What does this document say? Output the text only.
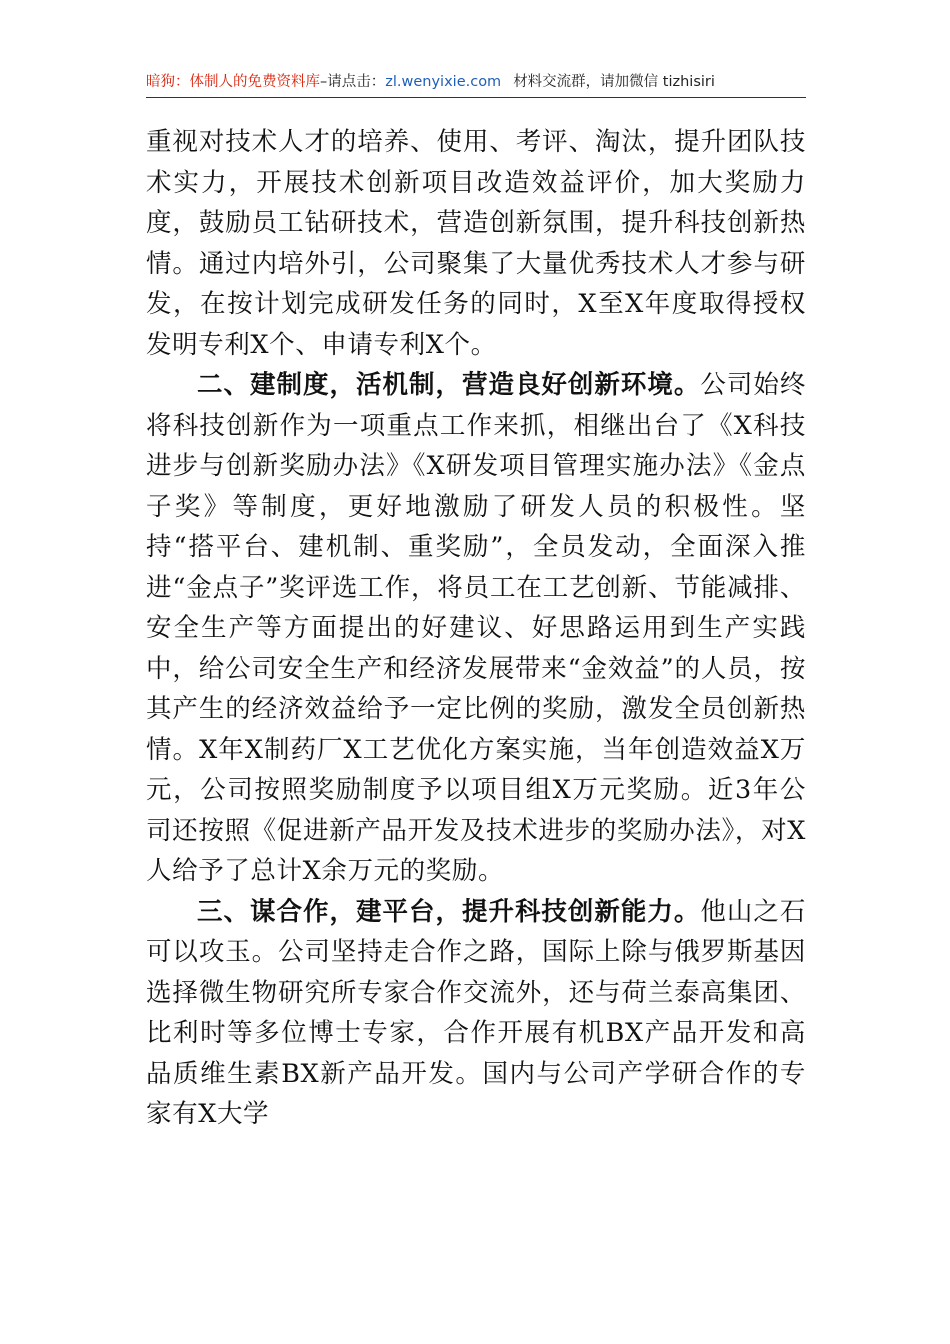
暗狗：体制人的免费资料库–请点击：zl.wenyixie.com 材料交流群，请加微信 tizhisiri

重视对技术人才的培养、使用、考评、淘汰，提升团队技术实力，开展技术创新项目改造效益评价，加大奖励力度，鼓励员工钻研技术，营造创新氛围，提升科技创新热情。通过内培外引，公司聚集了大量优秀技术人才参与研发，在按计划完成研发任务的同时，X至X年度取得授权发明专利X个、申请专利X个。

二、建制度，活机制，营造良好创新环境。公司始终将科技创新作为一项重点工作来抓，相继出台了《X科技进步与创新奖励办法》《X研发项目管理实施办法》《金点子奖》等制度，更好地激励了研发人员的积极性。坚持“搭平台、建机制、重奖励”，全员发动，全面深入推进“金点子”奖评选工作，将员工在工艺创新、节能减排、安全生产等方面提出的好建议、好思路运用到生产实践中，给公司安全生产和经济发展带来“金效益”的人员，按其产生的经济效益给予一定比例的奖励，激发全员创新热情。X年X制药厂X工艺优化方案实施，当年创造效益X万元，公司按照奖励制度予以项目组X万元奖励。近3年公司还按照《促进新产品开发及技术进步的奖励办法》，对X人给予了总计X余万元的奖励。

三、谋合作，建平台，提升科技创新能力。他山之石可以攻玉。公司坚持走合作之路，国际上除与俄罗斯基因选择微生物研究所专家合作交流外，还与荷兰泰高集团、比利时等多位博士专家，合作开展有机BX产品开发和高品质维生素BX新产品开发。国内与公司产学研合作的专家有X大学
